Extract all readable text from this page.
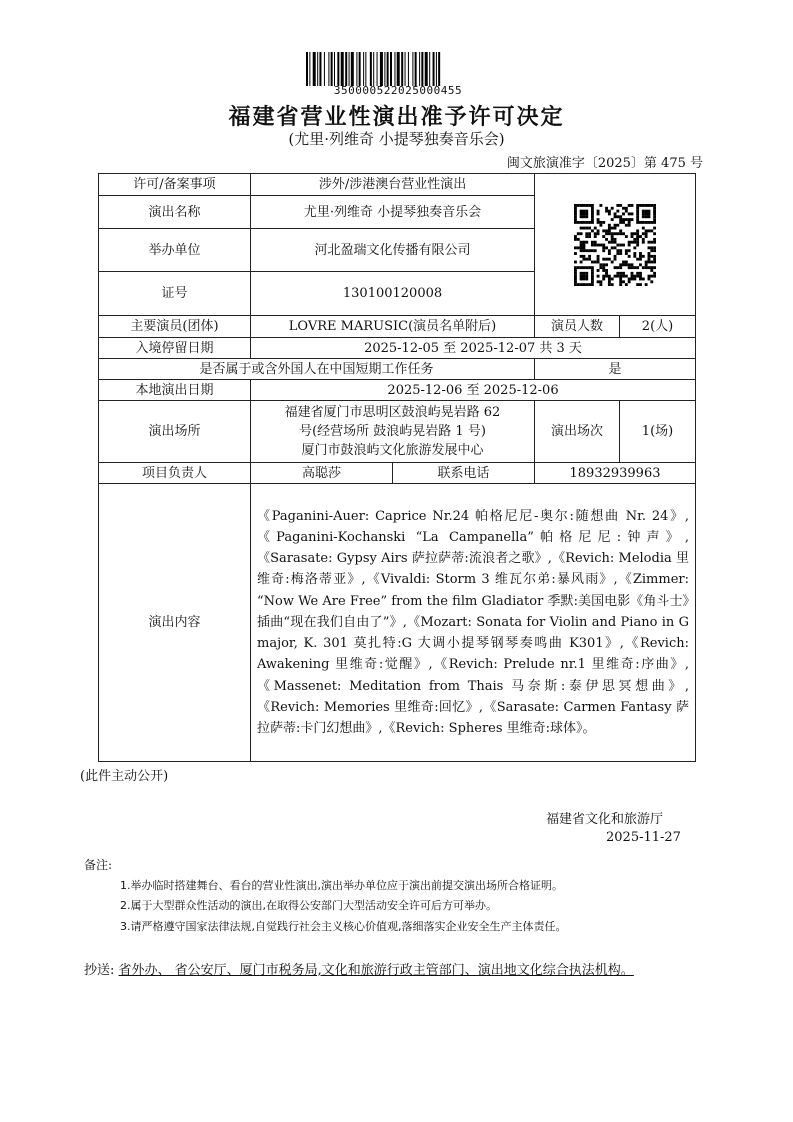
350000522025000455
福建省营业性演出准予许可决定
(尤里·列维奇 小提琴独奏音乐会)
闽文旅演准字〔2025〕第 475 号
许可/备案事项	涉外/涉港澳台营业性演出	

演出名称	尤里·列维奇 小提琴独奏音乐会			
举办单位	河北盈瑞文化传播有限公司			
证号	130100120008			
主要演员(团体)	LOVRE MARUSIC(演员名单附后)		演员人数	2(人)
入境停留日期	2025-12-05 至 2025-12-07 共 3 天			
是否属于或含外国人在中国短期工作任务			是	
本地演出日期	2025-12-06 至 2025-12-06			
演出场所	福建省厦门市思明区鼓浪屿晃岩路 62
号(经营场所 鼓浪屿晃岩路 1 号)
厦门市鼓浪屿文化旅游发展中心		演出场次	1(场)
项目负责人	高聪莎	联系电话	18932939963	
演出内容	《Paganini-Auer: Caprice Nr.24 帕格尼尼-奥尔:随想曲 Nr. 24》,《Paganini-Kochanski “La Campanella”帕格尼尼:钟声》,《Sarasate: Gypsy Airs 萨拉萨蒂:流浪者之歌》,《Revich: Melodia 里维奇:梅洛蒂亚》,《Vivaldi: Storm 3 维瓦尔弟:暴风雨》,《Zimmer: “Now We Are Free” from the film Gladiator 季默:美国电影《角斗士》插曲“现在我们自由了”》,《Mozart: Sonata for Violin and Piano in G major, K. 301 莫扎特:G 大调小提琴钢琴奏鸣曲 K301》,《Revich: Awakening 里维奇:觉醒》,《Revich: Prelude nr.1 里维奇:序曲》,《Massenet: Meditation from Thais 马奈斯:泰伊思冥想曲》,《Revich: Memories 里维奇:回忆》,《Sarasate: Carmen Fantasy 萨拉萨蒂:卡门幻想曲》,《Revich: Spheres 里维奇:球体》。			
(此件主动公开)
福建省文化和旅游厅
2025-11-27
备注:
1.举办临时搭建舞台、看台的营业性演出,演出举办单位应于演出前提交演出场所合格证明。
2.属于大型群众性活动的演出,在取得公安部门大型活动安全许可后方可举办。
3.请严格遵守国家法律法规,自觉践行社会主义核心价值观,落细落实企业安全生产主体责任。
抄送: 省外办、 省公安厅、厦门市税务局,文化和旅游行政主管部门、演出地文化综合执法机构。
